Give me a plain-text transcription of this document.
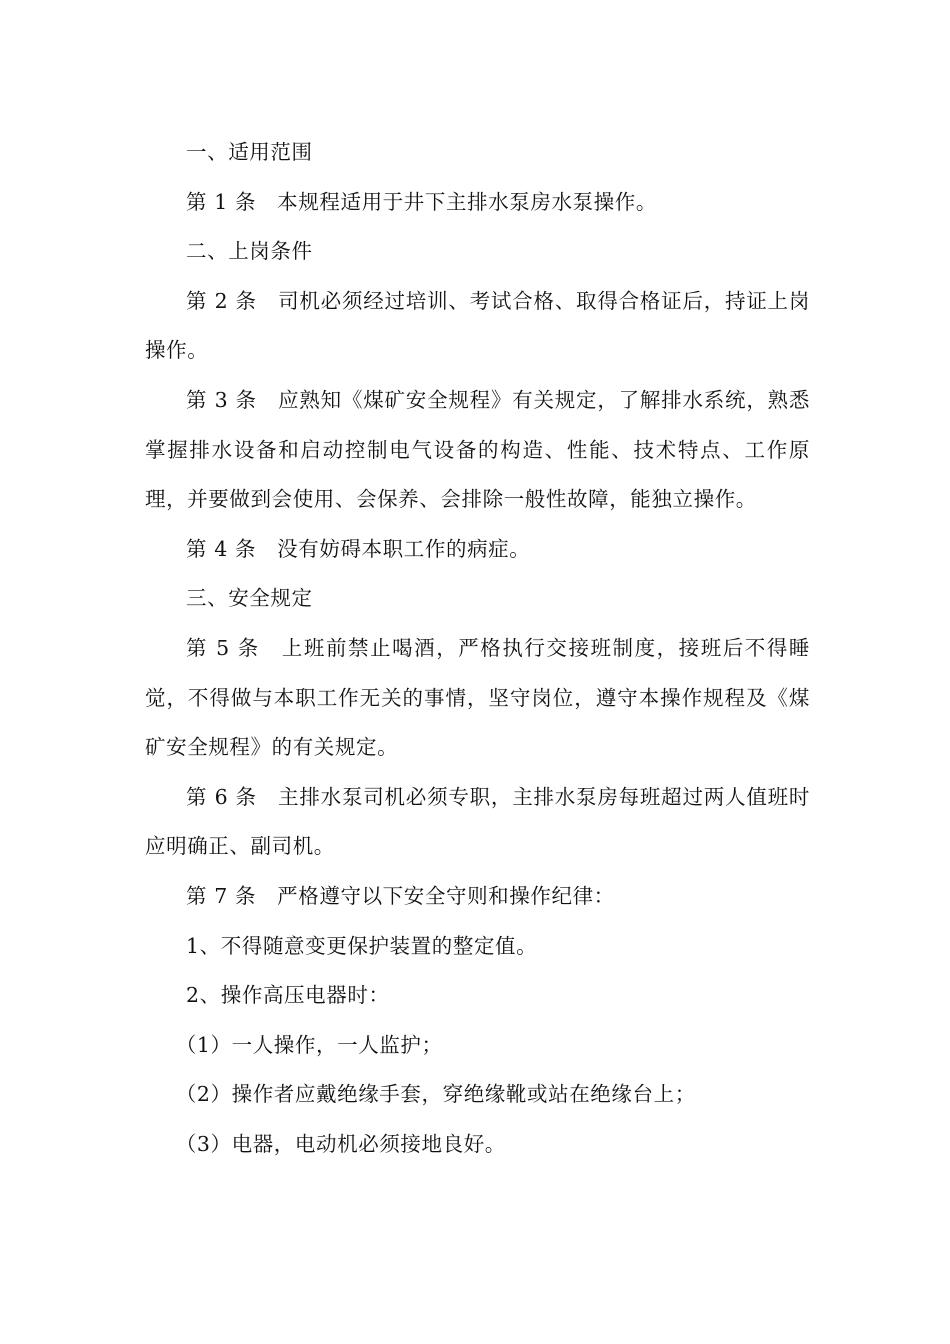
一、适用范围

第 1 条　本规程适用于井下主排水泵房水泵操作。

二、上岗条件

第 2 条　司机必须经过培训、考试合格、取得合格证后，持证上岗操作。

第 3 条　应熟知《煤矿安全规程》有关规定，了解排水系统，熟悉掌握排水设备和启动控制电气设备的构造、性能、技术特点、工作原理，并要做到会使用、会保养、会排除一般性故障，能独立操作。

第 4 条　没有妨碍本职工作的病症。

三、安全规定

第 5 条　上班前禁止喝酒，严格执行交接班制度，接班后不得睡觉，不得做与本职工作无关的事情，坚守岗位，遵守本操作规程及《煤矿安全规程》的有关规定。

第 6 条　主排水泵司机必须专职，主排水泵房每班超过两人值班时应明确正、副司机。

第 7 条　严格遵守以下安全守则和操作纪律：

1、不得随意变更保护装置的整定值。

2、操作高压电器时：

（1）一人操作，一人监护；

（2）操作者应戴绝缘手套，穿绝缘靴或站在绝缘台上；

（3）电器，电动机必须接地良好。
